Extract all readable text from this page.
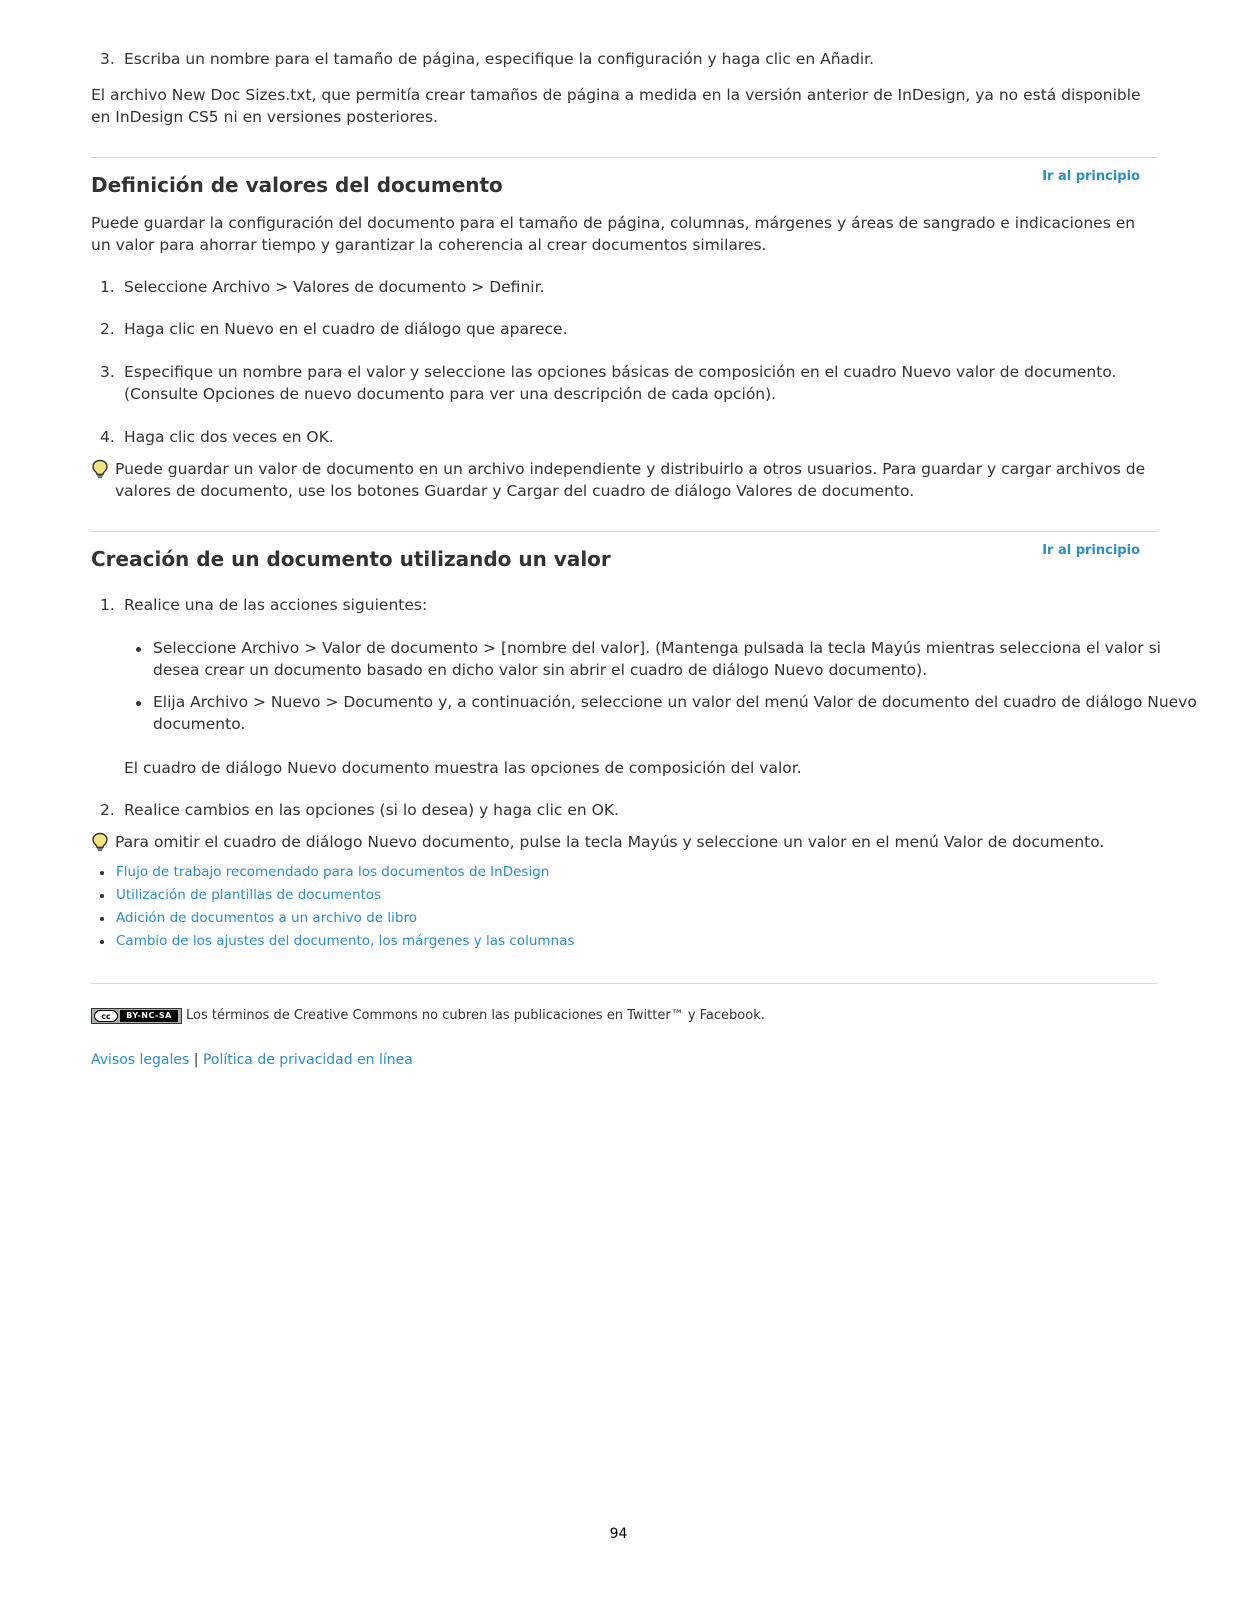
3. Escriba un nombre para el tamaño de página, especifique la configuración y haga clic en Añadir.

El archivo New Doc Sizes.txt, que permitía crear tamaños de página a medida en la versión anterior de InDesign, ya no está disponible en InDesign CS5 ni en versiones posteriores.

Ir al principio
Definición de valores del documento

Puede guardar la configuración del documento para el tamaño de página, columnas, márgenes y áreas de sangrado e indicaciones en un valor para ahorrar tiempo y garantizar la coherencia al crear documentos similares.

1. Seleccione Archivo > Valores de documento > Definir.
2. Haga clic en Nuevo en el cuadro de diálogo que aparece.
3. Especifique un nombre para el valor y seleccione las opciones básicas de composición en el cuadro Nuevo valor de documento. (Consulte Opciones de nuevo documento para ver una descripción de cada opción).
4. Haga clic dos veces en OK.
Puede guardar un valor de documento en un archivo independiente y distribuirlo a otros usuarios. Para guardar y cargar archivos de valores de documento, use los botones Guardar y Cargar del cuadro de diálogo Valores de documento.
Ir al principio
Creación de un documento utilizando un valor
1. Realice una de las acciones siguientes:
Seleccione Archivo > Valor de documento > [nombre del valor]. (Mantenga pulsada la tecla Mayús mientras selecciona el valor si desea crear un documento basado en dicho valor sin abrir el cuadro de diálogo Nuevo documento).
Elija Archivo > Nuevo > Documento y, a continuación, seleccione un valor del menú Valor de documento del cuadro de diálogo Nuevo documento.

El cuadro de diálogo Nuevo documento muestra las opciones de composición del valor.

2. Realice cambios en las opciones (si lo desea) y haga clic en OK.
Para omitir el cuadro de diálogo Nuevo documento, pulse la tecla Mayús y seleccione un valor en el menú Valor de documento.
Flujo de trabajo recomendado para los documentos de InDesign
Utilización de plantillas de documentos
Adición de documentos a un archivo de libro
Cambio de los ajustes del documento, los márgenes y las columnas
cc	BY-NC-SA	Los términos de Creative Commons no cubren las publicaciones en Twitter™ y Facebook.
Avisos legales | Política de privacidad en línea
94
